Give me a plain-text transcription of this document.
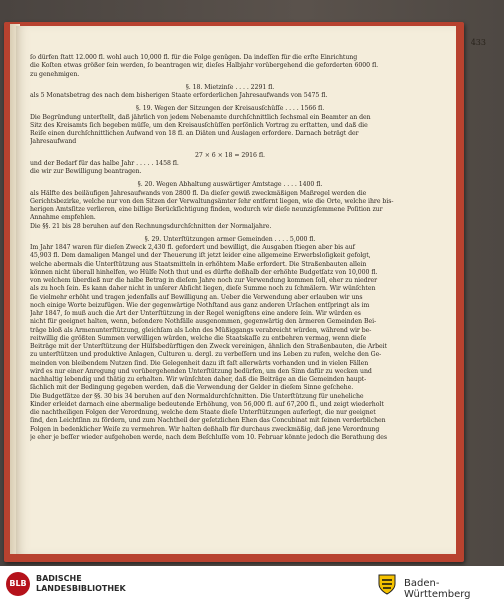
433
ſo dürfen ſtatt 12.000 fl. wohl auch 10,000 fl. für die Folge genügen. Da indeſſen für die erſte Einrichtung
die Koſten etwas größer ſein werden, ſo beantragen wir, dieſes Halbjahr vorübergehend die geforderten 6000 fl.
zu genehmigen.
§. 18. Mietzinſe . . . . 2291 fl.
als 5 Monatsbetrag des nach dem bisherigen Staate erforderlichen Jahresaufwands von 5475 fl.
§. 19. Wegen der Sitzungen der Kreisausſchüſſe . . . . 1566 fl.
Die Begründung unterſtellt, daß jährlich von jedem Nebenamte durchſchnittlich ſechsmal ein Beamter an den
Sitz des Kreisamts ſich begeben müſſe, um den Kreisausſchüſſen perſönlich Vortrag zu erſtatten, und daß die
Reiſe einen durchſchnittlichen Aufwand von 18 fl. an Diäten und Auslagen erfordere. Darnach beträgt der
Jahresaufwand
27 × 6 × 18 = 2916 fl.
und der Bedarf für das halbe Jahr . . . . . 1458 fl.
die wir zur Bewilligung beantragen.
§. 20. Wegen Abhaltung auswärtiger Amtstage . . . . 1400 fl.
als Hälfte des beiläufigen Jahresaufwands von 2800 fl. Da dieſer gewiß zweckmäßigen Maßregel werden die
Gerichtsbezirke, welche nur von den Sitzen der Verwaltungsämter ſehr entfernt liegen, wie die Orte, welche ihre bis-
herigen Amtsſitze verlieren, eine billige Berückſichtigung finden, wodurch wir dieſe neunzigſemmene Poſition zur
Annahme empfehlen.
Die §§. 21 bis 28 beruhen auf den Rechnungsdurchſchnitten der Normaljahre.
§. 29. Unterſtützungen armer Gemeinden . . . . 5,000 fl.
Im Jahr 1847 waren für dieſen Zweck 2,430 fl. gefordert und bewilligt, die Ausgaben ſtiegen aber bis auf
45,903 fl. Dem damaligen Mangel und der Theuerung iſt jetzt leider eine allgemeine Erwerbsloſigkeit gefolgt,
welche abermals die Unterſtützung aus Staatsmitteln in erhöhtem Maße erfordert. Die Straßenbauten allein
können nicht überall hinhelfen, wo Hülfe Noth thut und es dürfte deßhalb der erhöhte Budgetſatz von 10,000 fl.
von welchem überdieß nur die halbe Betrag in dieſem Jahre noch zur Verwendung kommen ſoll, eher zu niedrer
als zu hoch ſein. Es kann daher nicht in unſerer Abſicht liegen, dieſe Summe noch zu ſchmälern. Wir wünſchten
ſie vielmehr erhöht und tragen jedenfalls auf Bewilligung an. Ueber die Verwendung aber erlauben wir uns
noch einige Worte beizufügen. Wie der gegenwärtige Nothſtand aus ganz anderen Urſachen entſpringt als im
Jahr 1847, ſo muß auch die Art der Unterſtützung in der Regel wenigſtens eine andere ſein. Wir würden es
nicht für geeignet halten, wenn, beſondere Nothfälle ausgenommen, gegenwärtig den ärmeren Gemeinden Bei-
träge bloß als Armenunterſtützung, gleichſam als Lohn des Müßiggangs verabreicht würden, während wir be-
reitwillig die größten Summen verwilligen würden, welche die Staatskaſſe zu entbehren vermag, wenn dieſe
Beiträge mit der Unterſtützung der Hülfsbedürftigen den Zweck vereinigen, ähnlich den Straßenbauten, die Arbeit
zu unterſtützen und produktive Anlagen, Culturen u. dergl. zu verbeſſern und ins Leben zu rufen, welche den Ge-
meinden von bleibendem Nutzen ſind. Die Gelegenheit dazu iſt faſt allerwärts vorhanden und in vielen Fällen
wird es nur einer Anregung und vorübergehenden Unterſtützung bedürfen, um den Sinn dafür zu wecken und
nachhaltig lebendig und thätig zu erhalten. Wir wünſchten daher, daß die Beiträge an die Gemeinden haupt-
ſächlich mit der Bedingung gegeben werden, daß die Verwendung der Gelder in dieſem Sinne geſchehe.
Die Budgetſätze der §§. 30 bis 34 beruhen auf den Normaldurchſchnitten. Die Unterſtützung für uneheliche
Kinder erleidet darnach eine abermalige bedeutende Erhöhung, von 56,000 fl. auf 67,200 fl., und zeigt wiederholt
die nachtheiligen Folgen der Verordnung, welche dem Staate dieſe Unterſtützungen auferlegt, die nur geeignet
ſind, den Leichtſinn zu fördern, und zum Nachtheil der geſetzlichen Ehen das Concubinat mit ſeinen verderblichen
Folgen in bedenklicher Weiſe zu vermehren. Wir halten deßhalb für durchaus zweckmäßig, daß jene Verordnung
je eher je beſſer wieder aufgehoben werde, nach dem Beſchluſſe vom 10. Februar könnte jedoch die Berathung des
BLB
BADISCHE
LANDESBIBLIOTHEK	Baden-Württemberg
